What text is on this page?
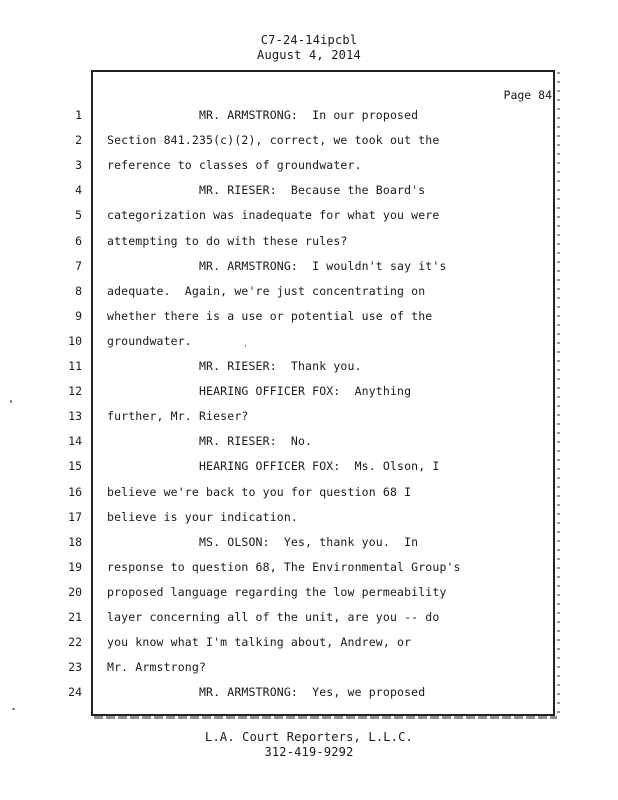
C7-24-14ipcbl
August 4, 2014
Page 84
1 MR. ARMSTRONG:  In our proposed
2 Section 841.235(c)(2), correct, we took out the
3 reference to classes of groundwater.
4 MR. RIESER:  Because the Board's
5 categorization was inadequate for what you were
6 attempting to do with these rules?
7 MR. ARMSTRONG:  I wouldn't say it's
8 adequate.  Again, we're just concentrating on
9 whether there is a use or potential use of the
10 groundwater.
11 MR. RIESER:  Thank you.
12 HEARING OFFICER FOX:  Anything
13 further, Mr. Rieser?
14 MR. RIESER:  No.
15 HEARING OFFICER FOX:  Ms. Olson, I
16 believe we're back to you for question 68 I
17 believe is your indication.
18 MS. OLSON:  Yes, thank you.  In
19 response to question 68, The Environmental Group's
20 proposed language regarding the low permeability
21 layer concerning all of the unit, are you -- do
22 you know what I'm talking about, Andrew, or
23 Mr. Armstrong?
24 MR. ARMSTRONG:  Yes, we proposed
L.A. Court Reporters, L.L.C.
312-419-9292
